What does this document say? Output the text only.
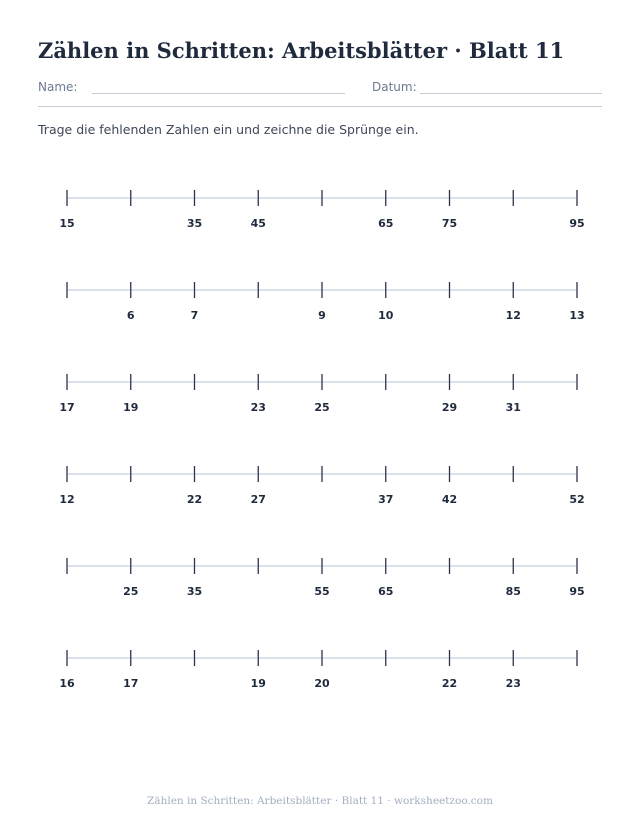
Zählen in Schritten: Arbeitsblätter · Blatt 11
Name:	Datum:

Trage die fehlenden Zahlen ein und zeichne die Sprünge ein.

15	35	45	65	75	95
6	7	9	10	12	13
17	19	23	25	29	31
12	22	27	37	42	52
25	35	55	65	85	95
16	17	19	20	22	23
Zählen in Schritten: Arbeitsblätter · Blatt 11 · worksheetzoo.com
